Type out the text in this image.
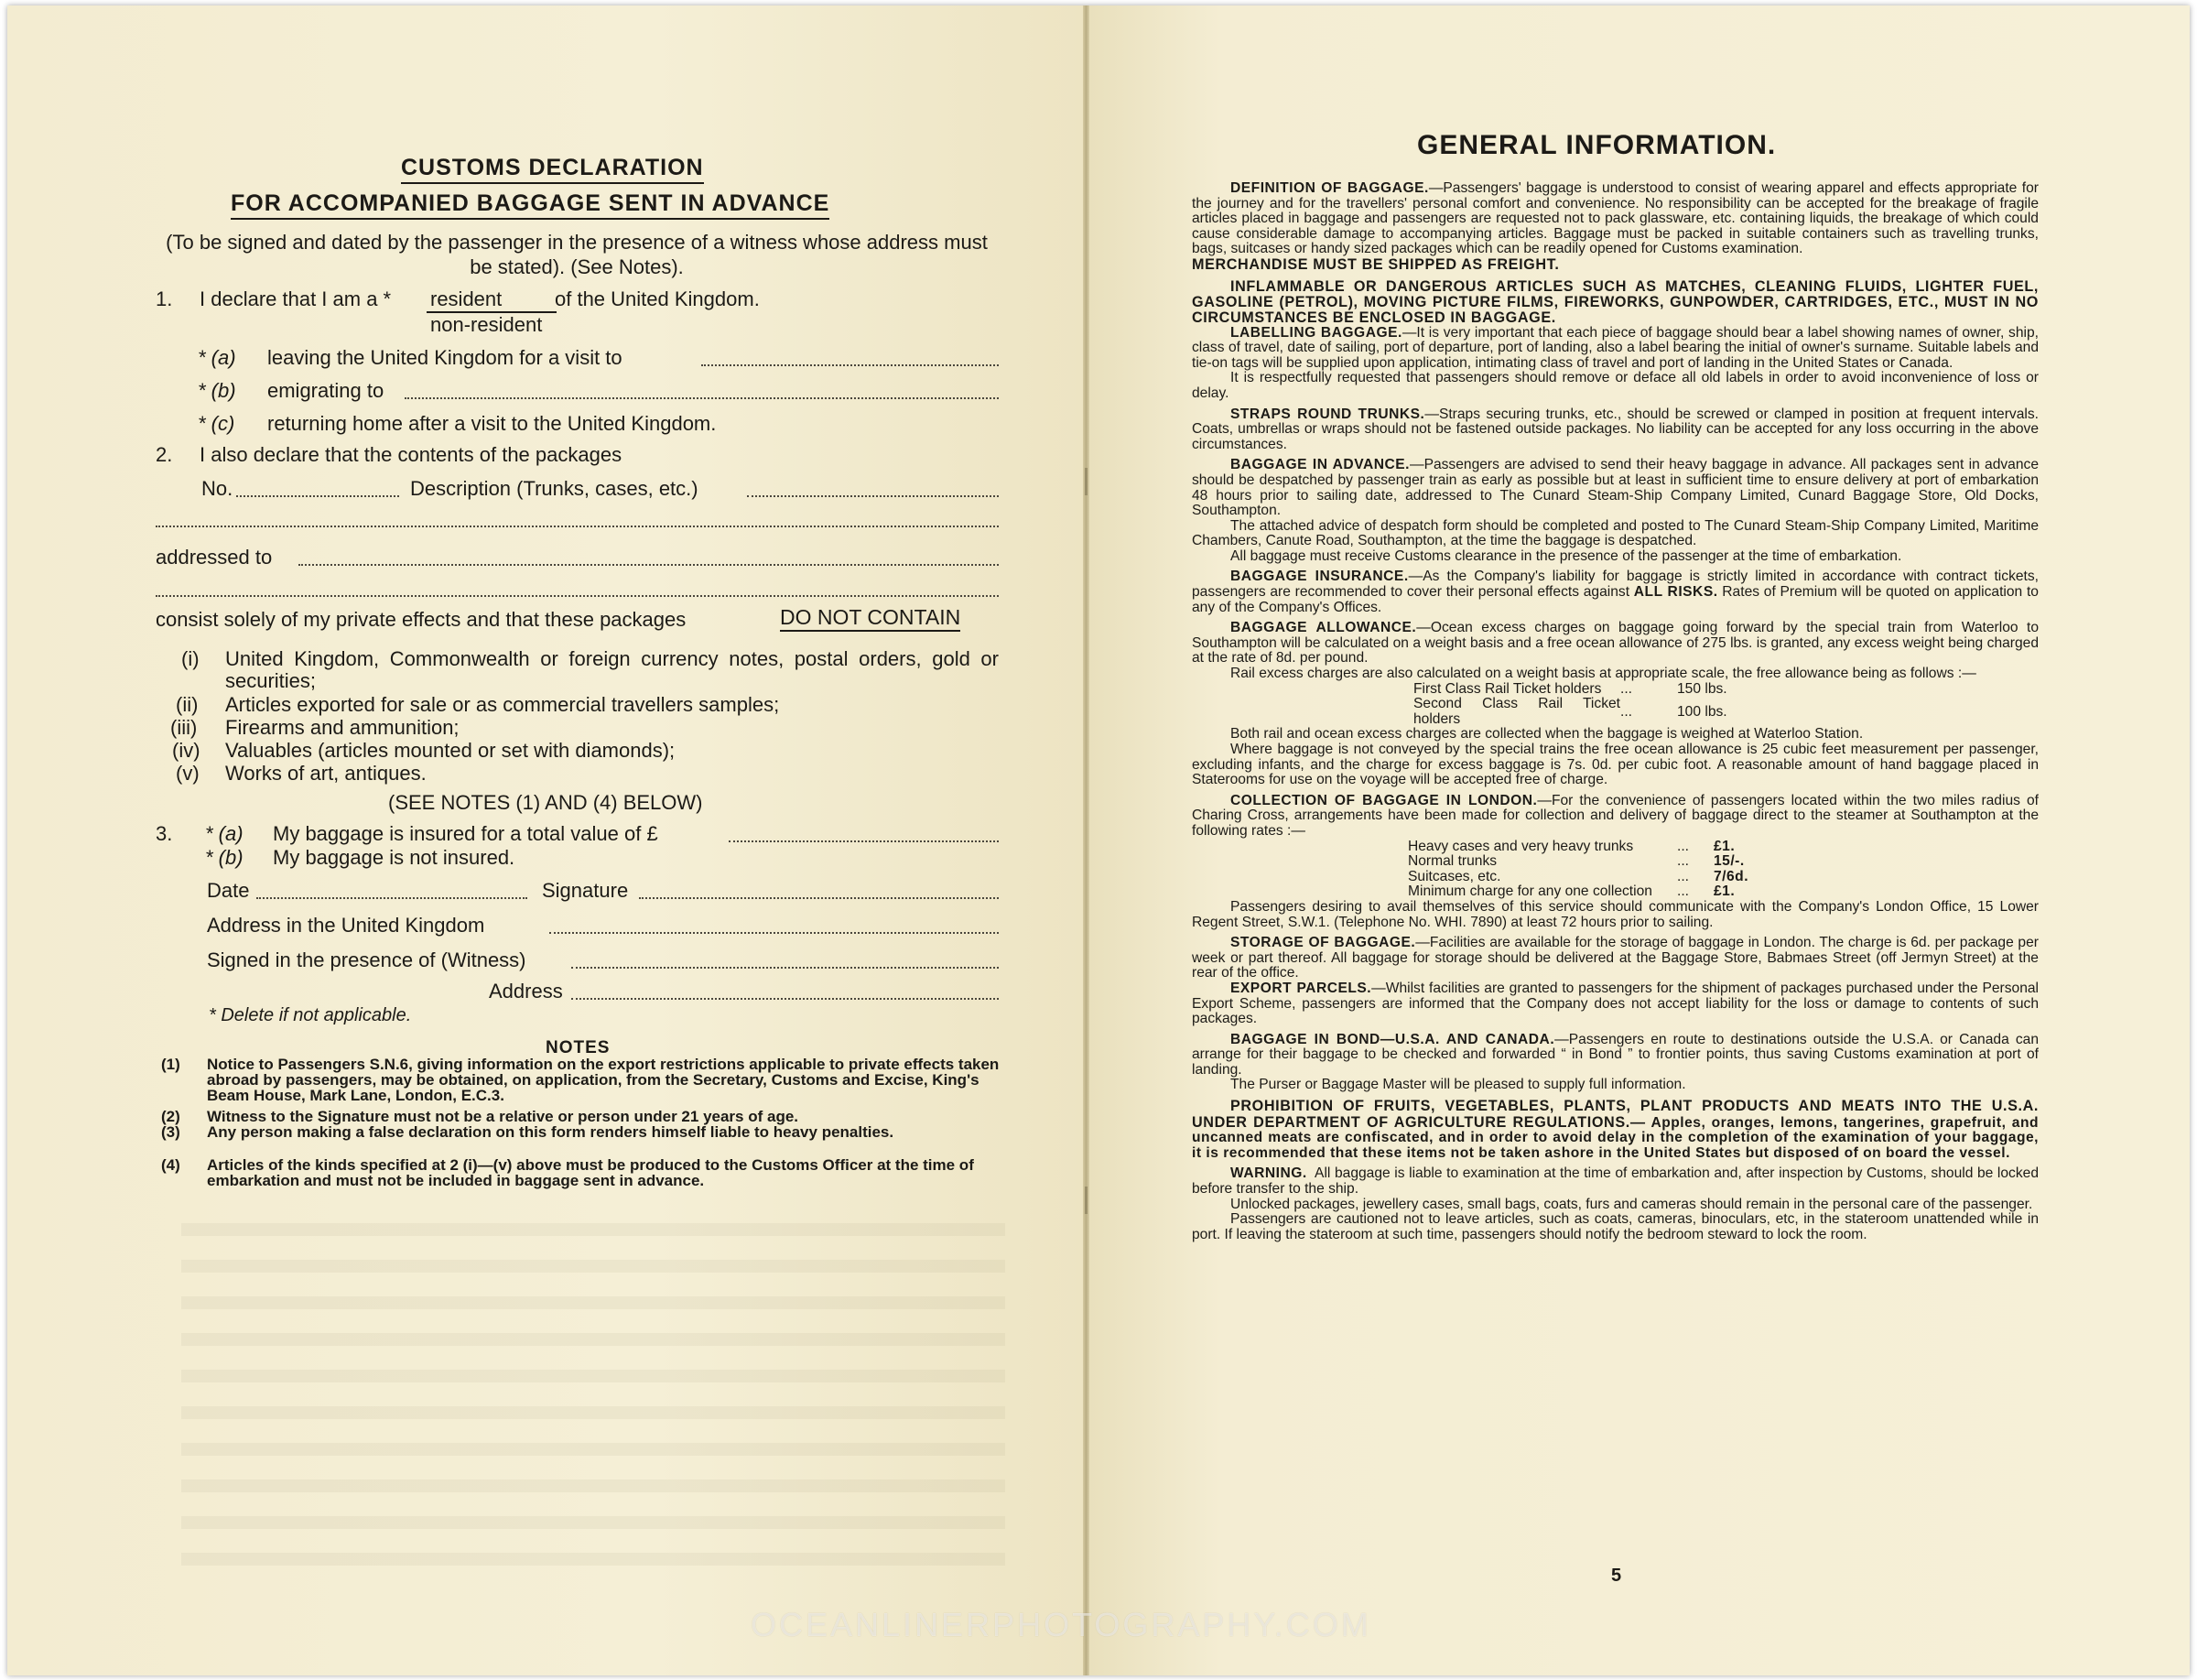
CUSTOMS DECLARATION
FOR ACCOMPANIED BAGGAGE SENT IN ADVANCE
(To be signed and dated by the passenger in the presence of a witness whose address must be stated). (See Notes).
1. I declare that I am a * resident
non-resident
of the United Kingdom.
* (a) leaving the United Kingdom for a visit to
* (b) emigrating to
* (c) returning home after a visit to the United Kingdom.
2. I also declare that the contents of the packages
No.	Description (Trunks, cases, etc.)
addressed to
consist solely of my private effects and that these packages	DO NOT CONTAIN
(i) United Kingdom, Commonwealth or foreign currency notes, postal orders, gold or securities;
(ii) Articles exported for sale or as commercial travellers samples;
(iii) Firearms and ammunition;
(iv) Valuables (articles mounted or set with diamonds);
(v) Works of art, antiques.
(SEE NOTES (1) AND (4) BELOW)
3. * (a) My baggage is insured for a total value of £
* (b) My baggage is not insured.
Date	Signature
Address in the United Kingdom
Signed in the presence of (Witness)
Address
* Delete if not applicable.
NOTES
(1) Notice to Passengers S.N.6, giving information on the export restrictions applicable to private effects taken abroad by passengers, may be obtained, on application, from the Secretary, Customs and Excise, King's Beam House, Mark Lane, London, E.C.3.
(2) Witness to the Signature must not be a relative or person under 21 years of age.
(3) Any person making a false declaration on this form renders himself liable to heavy penalties.
(4) Articles of the kinds specified at 2 (i)—(v) above must be produced to the Customs Officer at the time of embarkation and must not be included in baggage sent in advance.

GENERAL INFORMATION.

DEFINITION OF BAGGAGE.—Passengers' baggage is understood to consist of wearing apparel and effects appropriate for the journey and for the travellers' personal comfort and convenience. No responsibility can be accepted for the breakage of fragile articles placed in baggage and passengers are requested not to pack glassware, etc. containing liquids, the breakage of which could cause considerable damage to accompanying articles. Baggage must be packed in suitable containers such as travelling trunks, bags, suitcases or handy sized packages which can be readily opened for Customs examination.

MERCHANDISE MUST BE SHIPPED AS FREIGHT.

INFLAMMABLE OR DANGEROUS ARTICLES SUCH AS MATCHES, CLEANING FLUIDS, LIGHTER FUEL, GASOLINE (PETROL), MOVING PICTURE FILMS, FIREWORKS, GUNPOWDER, CARTRIDGES, ETC., MUST IN NO CIRCUMSTANCES BE ENCLOSED IN BAGGAGE.

LABELLING BAGGAGE.—It is very important that each piece of baggage should bear a label showing names of owner, ship, class of travel, date of sailing, port of departure, port of landing, also a label bearing the initial of owner's surname. Suitable labels and tie-on tags will be supplied upon application, intimating class of travel and port of landing in the United States or Canada.

It is respectfully requested that passengers should remove or deface all old labels in order to avoid inconvenience of loss or delay.

STRAPS ROUND TRUNKS.—Straps securing trunks, etc., should be screwed or clamped in position at frequent intervals. Coats, umbrellas or wraps should not be fastened outside packages. No liability can be accepted for any loss occurring in the above circumstances.

BAGGAGE IN ADVANCE.—Passengers are advised to send their heavy baggage in advance. All packages sent in advance should be despatched by passenger train as early as possible but at least in sufficient time to ensure delivery at port of embarkation 48 hours prior to sailing date, addressed to The Cunard Steam-Ship Company Limited, Cunard Baggage Store, Old Docks, Southampton.

The attached advice of despatch form should be completed and posted to The Cunard Steam-Ship Company Limited, Maritime Chambers, Canute Road, Southampton, at the time the baggage is despatched.

All baggage must receive Customs clearance in the presence of the passenger at the time of embarkation.

BAGGAGE INSURANCE.—As the Company's liability for baggage is strictly limited in accordance with contract tickets, passengers are recommended to cover their personal effects against ALL RISKS. Rates of Premium will be quoted on application to any of the Company's Offices.

BAGGAGE ALLOWANCE.—Ocean excess charges on baggage going forward by the special train from Waterloo to Southampton will be calculated on a weight basis and a free ocean allowance of 275 lbs. is granted, any excess weight being charged at the rate of 8d. per pound.

Rail excess charges are also calculated on a weight basis at appropriate scale, the free allowance being as follows :—

First Class Rail Ticket holders	...	150 lbs.
Second Class Rail Ticket holders	...	100 lbs.

Both rail and ocean excess charges are collected when the baggage is weighed at Waterloo Station.

Where baggage is not conveyed by the special trains the free ocean allowance is 25 cubic feet measurement per passenger, excluding infants, and the charge for excess baggage is 7s. 0d. per cubic foot. A reasonable amount of hand baggage placed in Staterooms for use on the voyage will be accepted free of charge.

COLLECTION OF BAGGAGE IN LONDON.—For the convenience of passengers located within the two miles radius of Charing Cross, arrangements have been made for collection and delivery of baggage direct to the steamer at Southampton at the following rates :—

Heavy cases and very heavy trunks	...	£1.
Normal trunks	...	15/-.
Suitcases, etc.	...	7/6d.
Minimum charge for any one collection	...	£1.

Passengers desiring to avail themselves of this service should communicate with the Company's London Office, 15 Lower Regent Street, S.W.1. (Telephone No. WHI. 7890) at least 72 hours prior to sailing.

STORAGE OF BAGGAGE.—Facilities are available for the storage of baggage in London. The charge is 6d. per package per week or part thereof. All baggage for storage should be delivered at the Baggage Store, Babmaes Street (off Jermyn Street) at the rear of the office.

EXPORT PARCELS.—Whilst facilities are granted to passengers for the shipment of packages purchased under the Personal Export Scheme, passengers are informed that the Company does not accept liability for the loss or damage to contents of such packages.

BAGGAGE IN BOND—U.S.A. AND CANADA.—Passengers en route to destinations outside the U.S.A. or Canada can arrange for their baggage to be checked and forwarded “ in Bond ” to frontier points, thus saving Customs examination at port of landing.

The Purser or Baggage Master will be pleased to supply full information.

PROHIBITION OF FRUITS, VEGETABLES, PLANTS, PLANT PRODUCTS AND MEATS INTO THE U.S.A. UNDER DEPARTMENT OF AGRICULTURE REGULATIONS.— Apples, oranges, lemons, tangerines, grapefruit, and uncanned meats are confiscated, and in order to avoid delay in the completion of the examination of your baggage, it is recommended that these items not be taken ashore in the United States but disposed of on board the vessel.

WARNING. All baggage is liable to examination at the time of embarkation and, after inspection by Customs, should be locked before transfer to the ship.

Unlocked packages, jewellery cases, small bags, coats, furs and cameras should remain in the personal care of the passenger.

Passengers are cautioned not to leave articles, such as coats, cameras, binoculars, etc, in the stateroom unattended while in port. If leaving the stateroom at such time, passengers should notify the bedroom steward to lock the room.

5
OCEANLINERPHOTOGRAPHY.COM
